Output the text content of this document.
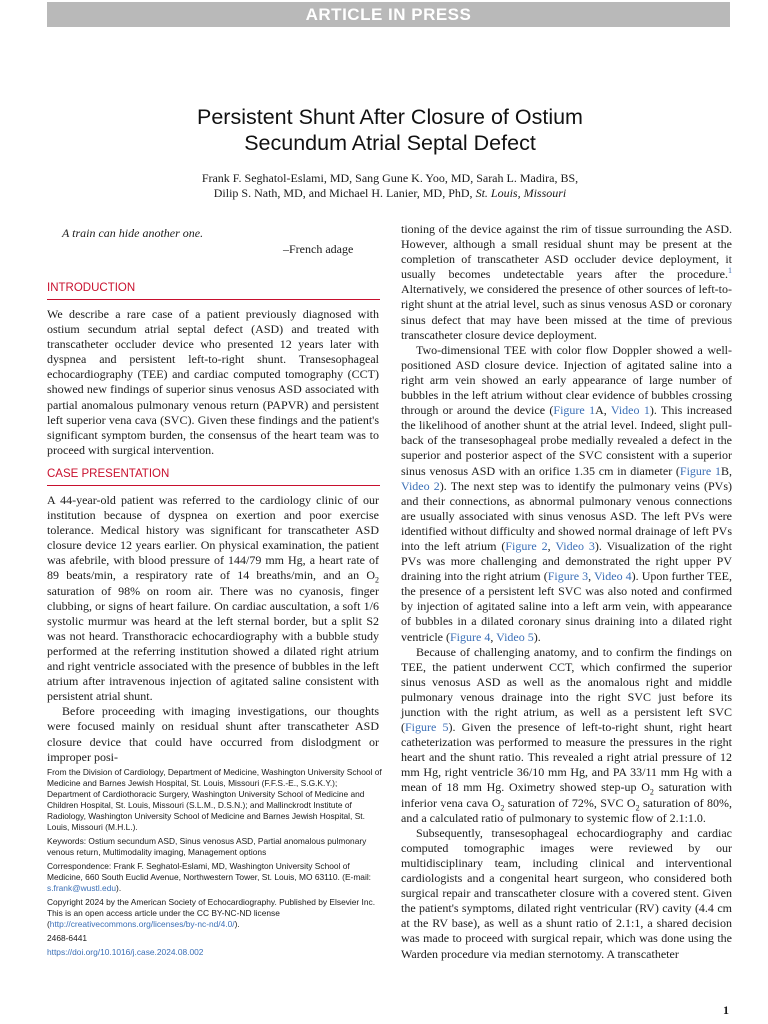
ARTICLE IN PRESS
Persistent Shunt After Closure of Ostium
Secundum Atrial Septal Defect
Frank F. Seghatol-Eslami, MD, Sang Gune K. Yoo, MD, Sarah L. Madira, BS,
Dilip S. Nath, MD, and Michael H. Lanier, MD, PhD, St. Louis, Missouri
A train can hide another one.
–French adage
INTRODUCTION

We describe a rare case of a patient previously diagnosed with ostium secundum atrial septal defect (ASD) and treated with transcatheter occluder device who presented 12 years later with dyspnea and persistent left-to-right shunt. Transesophageal echocardiography (TEE) and cardiac computed tomography (CCT) showed new findings of superior sinus venosus ASD associated with partial anomalous pulmonary venous return (PAPVR) and persistent left superior vena cava (SVC). Given these findings and the patient's significant symptom burden, the consensus of the heart team was to proceed with surgical intervention.

CASE PRESENTATION

A 44-year-old patient was referred to the cardiology clinic of our institution because of dyspnea on exertion and poor exercise tolerance. Medical history was significant for transcatheter ASD closure device 12 years earlier. On physical examination, the patient was afebrile, with blood pressure of 144/79 mm Hg, a heart rate of 89 beats/min, a respiratory rate of 14 breaths/min, and an $O_2$ saturation of 98% on room air. There was no cyanosis, finger clubbing, or signs of heart failure. On cardiac auscultation, a soft 1/6 systolic murmur was heard at the left sternal border, but a split S2 was not heard. Transthoracic echocardiography with a bubble study performed at the referring institution showed a dilated right atrium and right ventricle associated with the presence of bubbles in the left atrium after intravenous injection of agitated saline consistent with persistent atrial shunt.

Before proceeding with imaging investigations, our thoughts were focused mainly on residual shunt after transcatheter ASD closure device that could have occurred from dislodgment or improper posi-

tioning of the device against the rim of tissue surrounding the ASD. However, although a small residual shunt may be present at the completion of transcatheter ASD occluder device deployment, it usually becomes undetectable years after the procedure.$^1$ Alternatively, we considered the presence of other sources of left-to-right shunt at the atrial level, such as sinus venosus ASD or coronary sinus defect that may have been missed at the time of previous transcatheter closure device deployment.

Two-dimensional TEE with color flow Doppler showed a well-positioned ASD closure device. Injection of agitated saline into a right arm vein showed an early appearance of large number of bubbles in the left atrium without clear evidence of bubbles crossing through or around the device (Figure 1A, Video 1). This increased the likelihood of another shunt at the atrial level. Indeed, slight pull-back of the transesophageal probe medially revealed a defect in the superior and posterior aspect of the SVC consistent with a superior sinus venosus ASD with an orifice 1.35 cm in diameter (Figure 1B, Video 2). The next step was to identify the pulmonary veins (PVs) and their connections, as abnormal pulmonary venous connections are usually associated with sinus venosus ASD. The left PVs were identified without difficulty and showed normal drainage of left PVs into the left atrium (Figure 2, Video 3). Visualization of the right PVs was more challenging and demonstrated the right upper PV draining into the right atrium (Figure 3, Video 4). Upon further TEE, the presence of a persistent left SVC was also noted and confirmed by injection of agitated saline into a left arm vein, with appearance of bubbles in a dilated coronary sinus draining into a dilated right ventricle (Figure 4, Video 5).

Because of challenging anatomy, and to confirm the findings on TEE, the patient underwent CCT, which confirmed the superior sinus venosus ASD as well as the anomalous right and middle pulmonary venous drainage into the right SVC just before its junction with the right atrium, as well as a persistent left SVC (Figure 5). Given the presence of left-to-right shunt, right heart catheterization was performed to measure the pressures in the right heart and the shunt ratio. This revealed a right atrial pressure of 12 mm Hg, right ventricle 36/10 mm Hg, and PA 33/11 mm Hg with a mean of 18 mm Hg. Oximetry showed step-up $O_2$ saturation with inferior vena cava $O_2$ saturation of 72%, SVC $O_2$ saturation of 80%, and a calculated ratio of pulmonary to systemic flow of 2.1:1.0.

Subsequently, transesophageal echocardiography and cardiac computed tomographic images were reviewed by our multidisciplinary team, including clinical and interventional cardiologists and a congenital heart surgeon, who considered both surgical repair and transcatheter closure with a covered stent. Given the patient's symptoms, dilated right ventricular (RV) cavity (4.4 cm at the RV base), as well as a shunt ratio of 2.1:1, a shared decision was made to proceed with surgical repair, which was done using the Warden procedure via median sternotomy. A transcatheter

From the Division of Cardiology, Department of Medicine, Washington University School of Medicine and Barnes Jewish Hospital, St. Louis, Missouri (F.F.S.-E., S.G.K.Y.); Department of Cardiothoracic Surgery, Washington University School of Medicine and Children Hospital, St. Louis, Missouri (S.L.M., D.S.N.); and Mallinckrodt Institute of Radiology, Washington University School of Medicine and Barnes Jewish Hospital, St. Louis, Missouri (M.H.L.).

Keywords: Ostium secundum ASD, Sinus venosus ASD, Partial anomalous pulmonary venous return, Multimodality imaging, Management options

Correspondence: Frank F. Seghatol-Eslami, MD, Washington University School of Medicine, 660 South Euclid Avenue, Northwestern Tower, St. Louis, MO 63110. (E-mail: s.frank@wustl.edu).

Copyright 2024 by the American Society of Echocardiography. Published by Elsevier Inc. This is an open access article under the CC BY-NC-ND license (http://creativecommons.org/licenses/by-nc-nd/4.0/).

2468-6441

https://doi.org/10.1016/j.case.2024.08.002

1
